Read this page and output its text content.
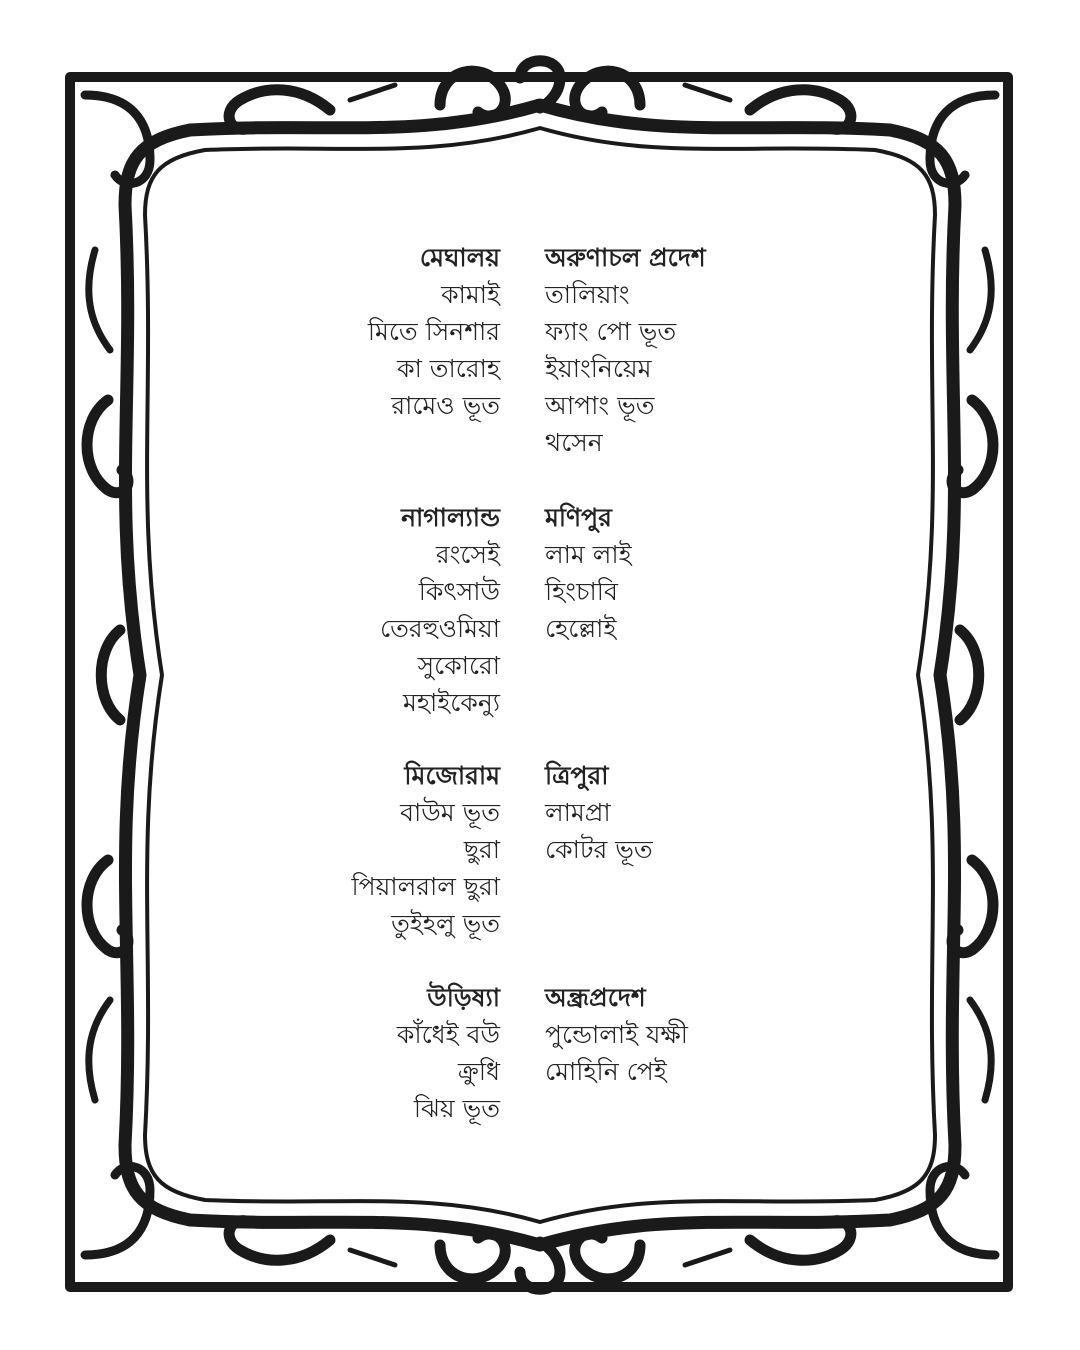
মেঘালয়
কামাই
মিতে সিনশার
কা তারোহ
রামেও ভূত
অরুণাচল প্রদেশ
তালিয়াং
ফ্যাং পো ভূত
ইয়াংনিয়েম
আপাং ভূত
থসেন
নাগাল্যান্ড
রংসেই
কিৎসাউ
তেরহুওমিয়া
সুকোরো
মহাইকেন্যু
মণিপুর
লাম লাই
হিংচাবি
হেল্লোই
মিজোরাম
বাউম ভূত
ছুরা
পিয়ালরাল ছুরা
তুইহলু ভূত
ত্রিপুরা
লামপ্রা
কোটর ভূত
উড়িষ্যা
কাঁধেই বউ
ক্রুধি
ঝিয় ভূত
অন্ধ্রপ্রদেশ
পুন্ডোলাই যক্ষী
মোহিনি পেই
